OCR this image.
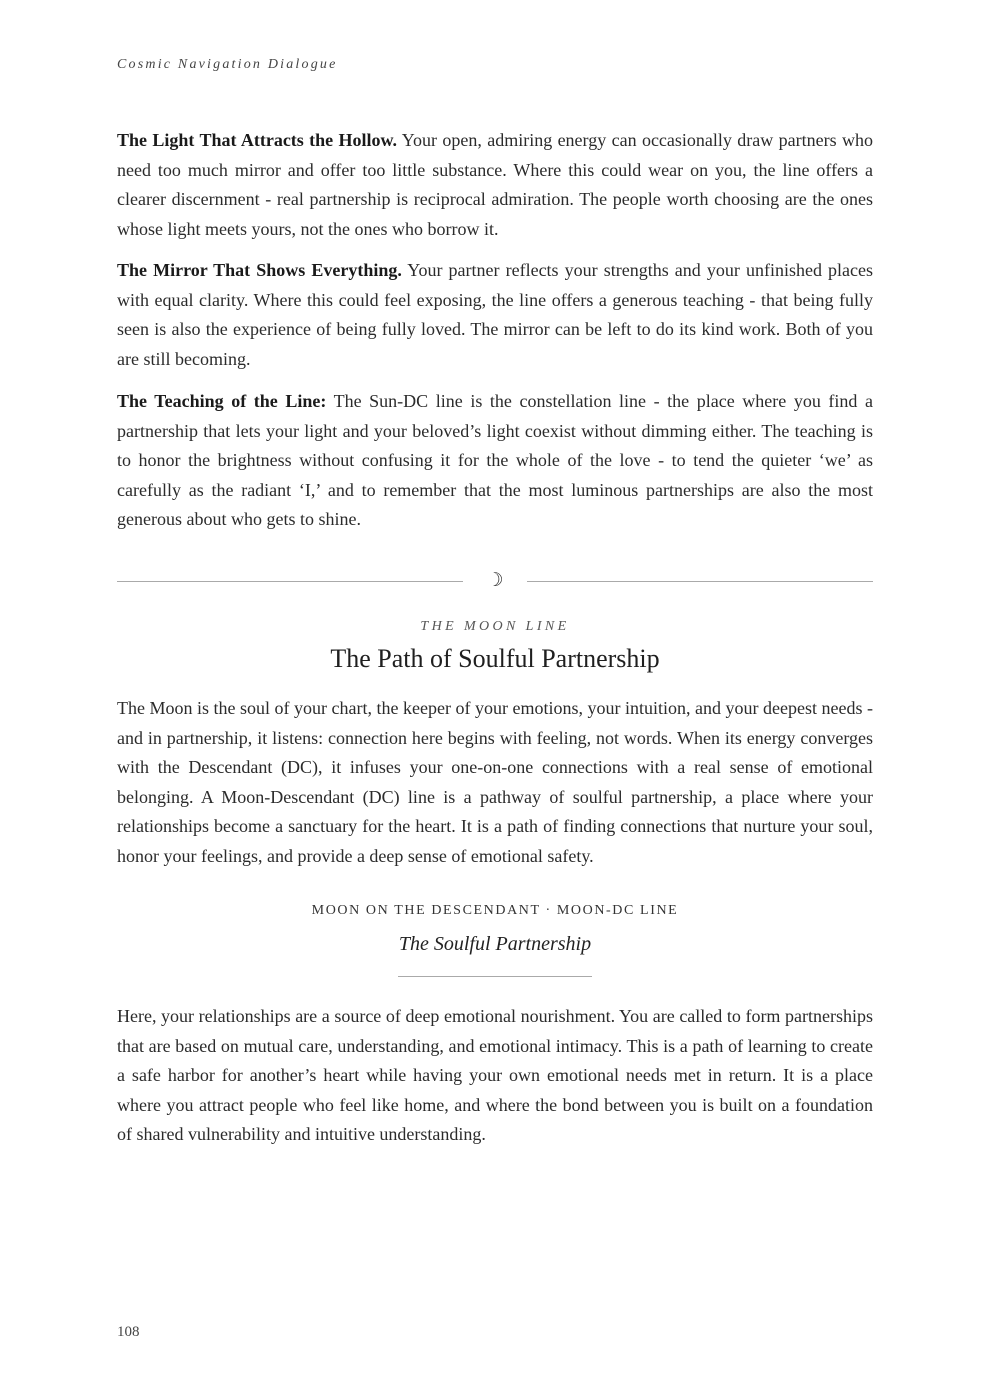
Cosmic Navigation Dialogue

The Light That Attracts the Hollow. Your open, admiring energy can occasionally draw partners who need too much mirror and offer too little substance. Where this could wear on you, the line offers a clearer discernment - real partnership is reciprocal admiration. The people worth choosing are the ones whose light meets yours, not the ones who borrow it.

The Mirror That Shows Everything. Your partner reflects your strengths and your unfinished places with equal clarity. Where this could feel exposing, the line offers a generous teaching - that being fully seen is also the experience of being fully loved. The mirror can be left to do its kind work. Both of you are still becoming.

The Teaching of the Line: The Sun-DC line is the constellation line - the place where you find a partnership that lets your light and your beloved’s light coexist without dimming either. The teaching is to honor the brightness without confusing it for the whole of the love - to tend the quieter ‘we’ as carefully as the radiant ‘I,’ and to remember that the most luminous partnerships are also the most generous about who gets to shine.

☽
THE MOON LINE
The Path of Soulful Partnership

The Moon is the soul of your chart, the keeper of your emotions, your intuition, and your deepest needs - and in partnership, it listens: connection here begins with feeling, not words. When its energy converges with the Descendant (DC), it infuses your one-on-one connections with a real sense of emotional belonging. A Moon-Descendant (DC) line is a pathway of soulful partnership, a place where your relationships become a sanctuary for the heart. It is a path of finding connections that nurture your soul, honor your feelings, and provide a deep sense of emotional safety.

MOON ON THE DESCENDANT · MOON-DC LINE
The Soulful Partnership

Here, your relationships are a source of deep emotional nourishment. You are called to form partnerships that are based on mutual care, understanding, and emotional intimacy. This is a path of learning to create a safe harbor for another’s heart while having your own emotional needs met in return. It is a place where you attract people who feel like home, and where the bond between you is built on a foundation of shared vulnerability and intuitive understanding.

108
